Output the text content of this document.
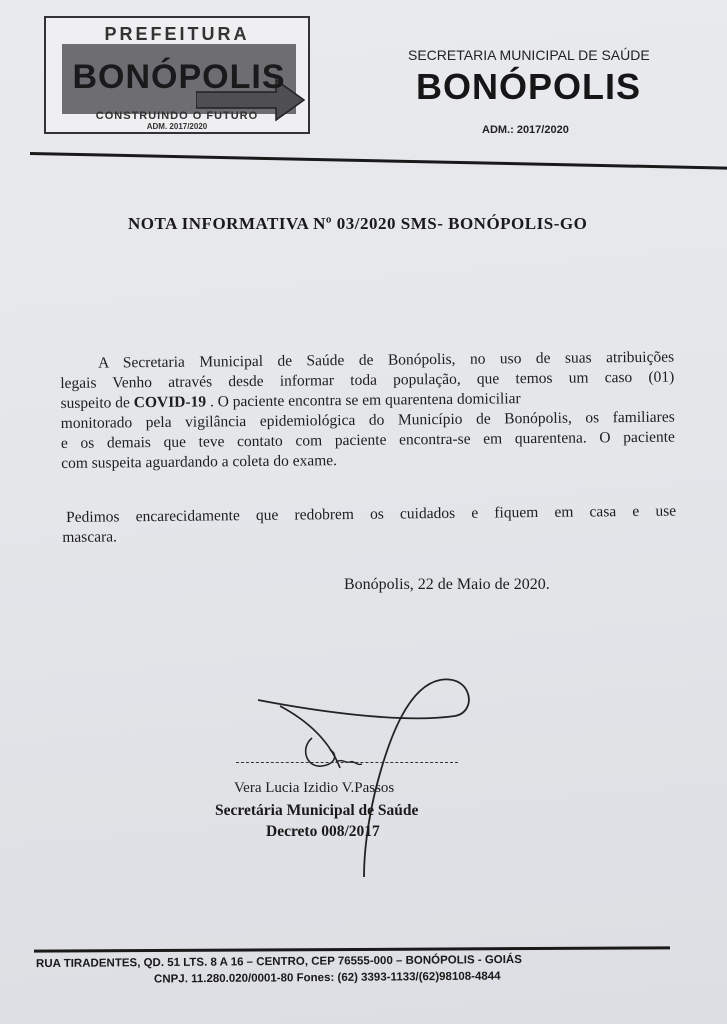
PREFEITURA
BONÓPOLIS
CONSTRUINDO O FUTURO
ADM. 2017/2020
SECRETARIA MUNICIPAL DE SAÚDE
BONÓPOLIS
ADM.: 2017/2020
NOTA INFORMATIVA Nº 03/2020 SMS- BONÓPOLIS-GO
A Secretaria Municipal de Saúde de Bonópolis, no uso de suas atribuições
legais Venho através desde informar toda população, que temos um caso (01)
suspeito de COVID-19 . O paciente encontra se em quarentena domiciliar
monitorado pela vigilância epidemiológica do Município de Bonópolis, os familiares
e os demais que teve contato com paciente encontra-se em quarentena. O paciente
com suspeita aguardando a coleta do exame.
Pedimos encarecidamente que redobrem os cuidados e fiquem em casa e use
mascara.
Bonópolis, 22 de Maio de 2020.
Vera Lucia Izidio V.Passos
Secretária Municipal de Saúde
Decreto 008/2017
RUA TIRADENTES, QD. 51 LTS. 8 A 16 – CENTRO, CEP 76555-000 – BONÓPOLIS - GOIÁS
CNPJ. 11.280.020/0001-80 Fones: (62) 3393-1133/(62)98108-4844
